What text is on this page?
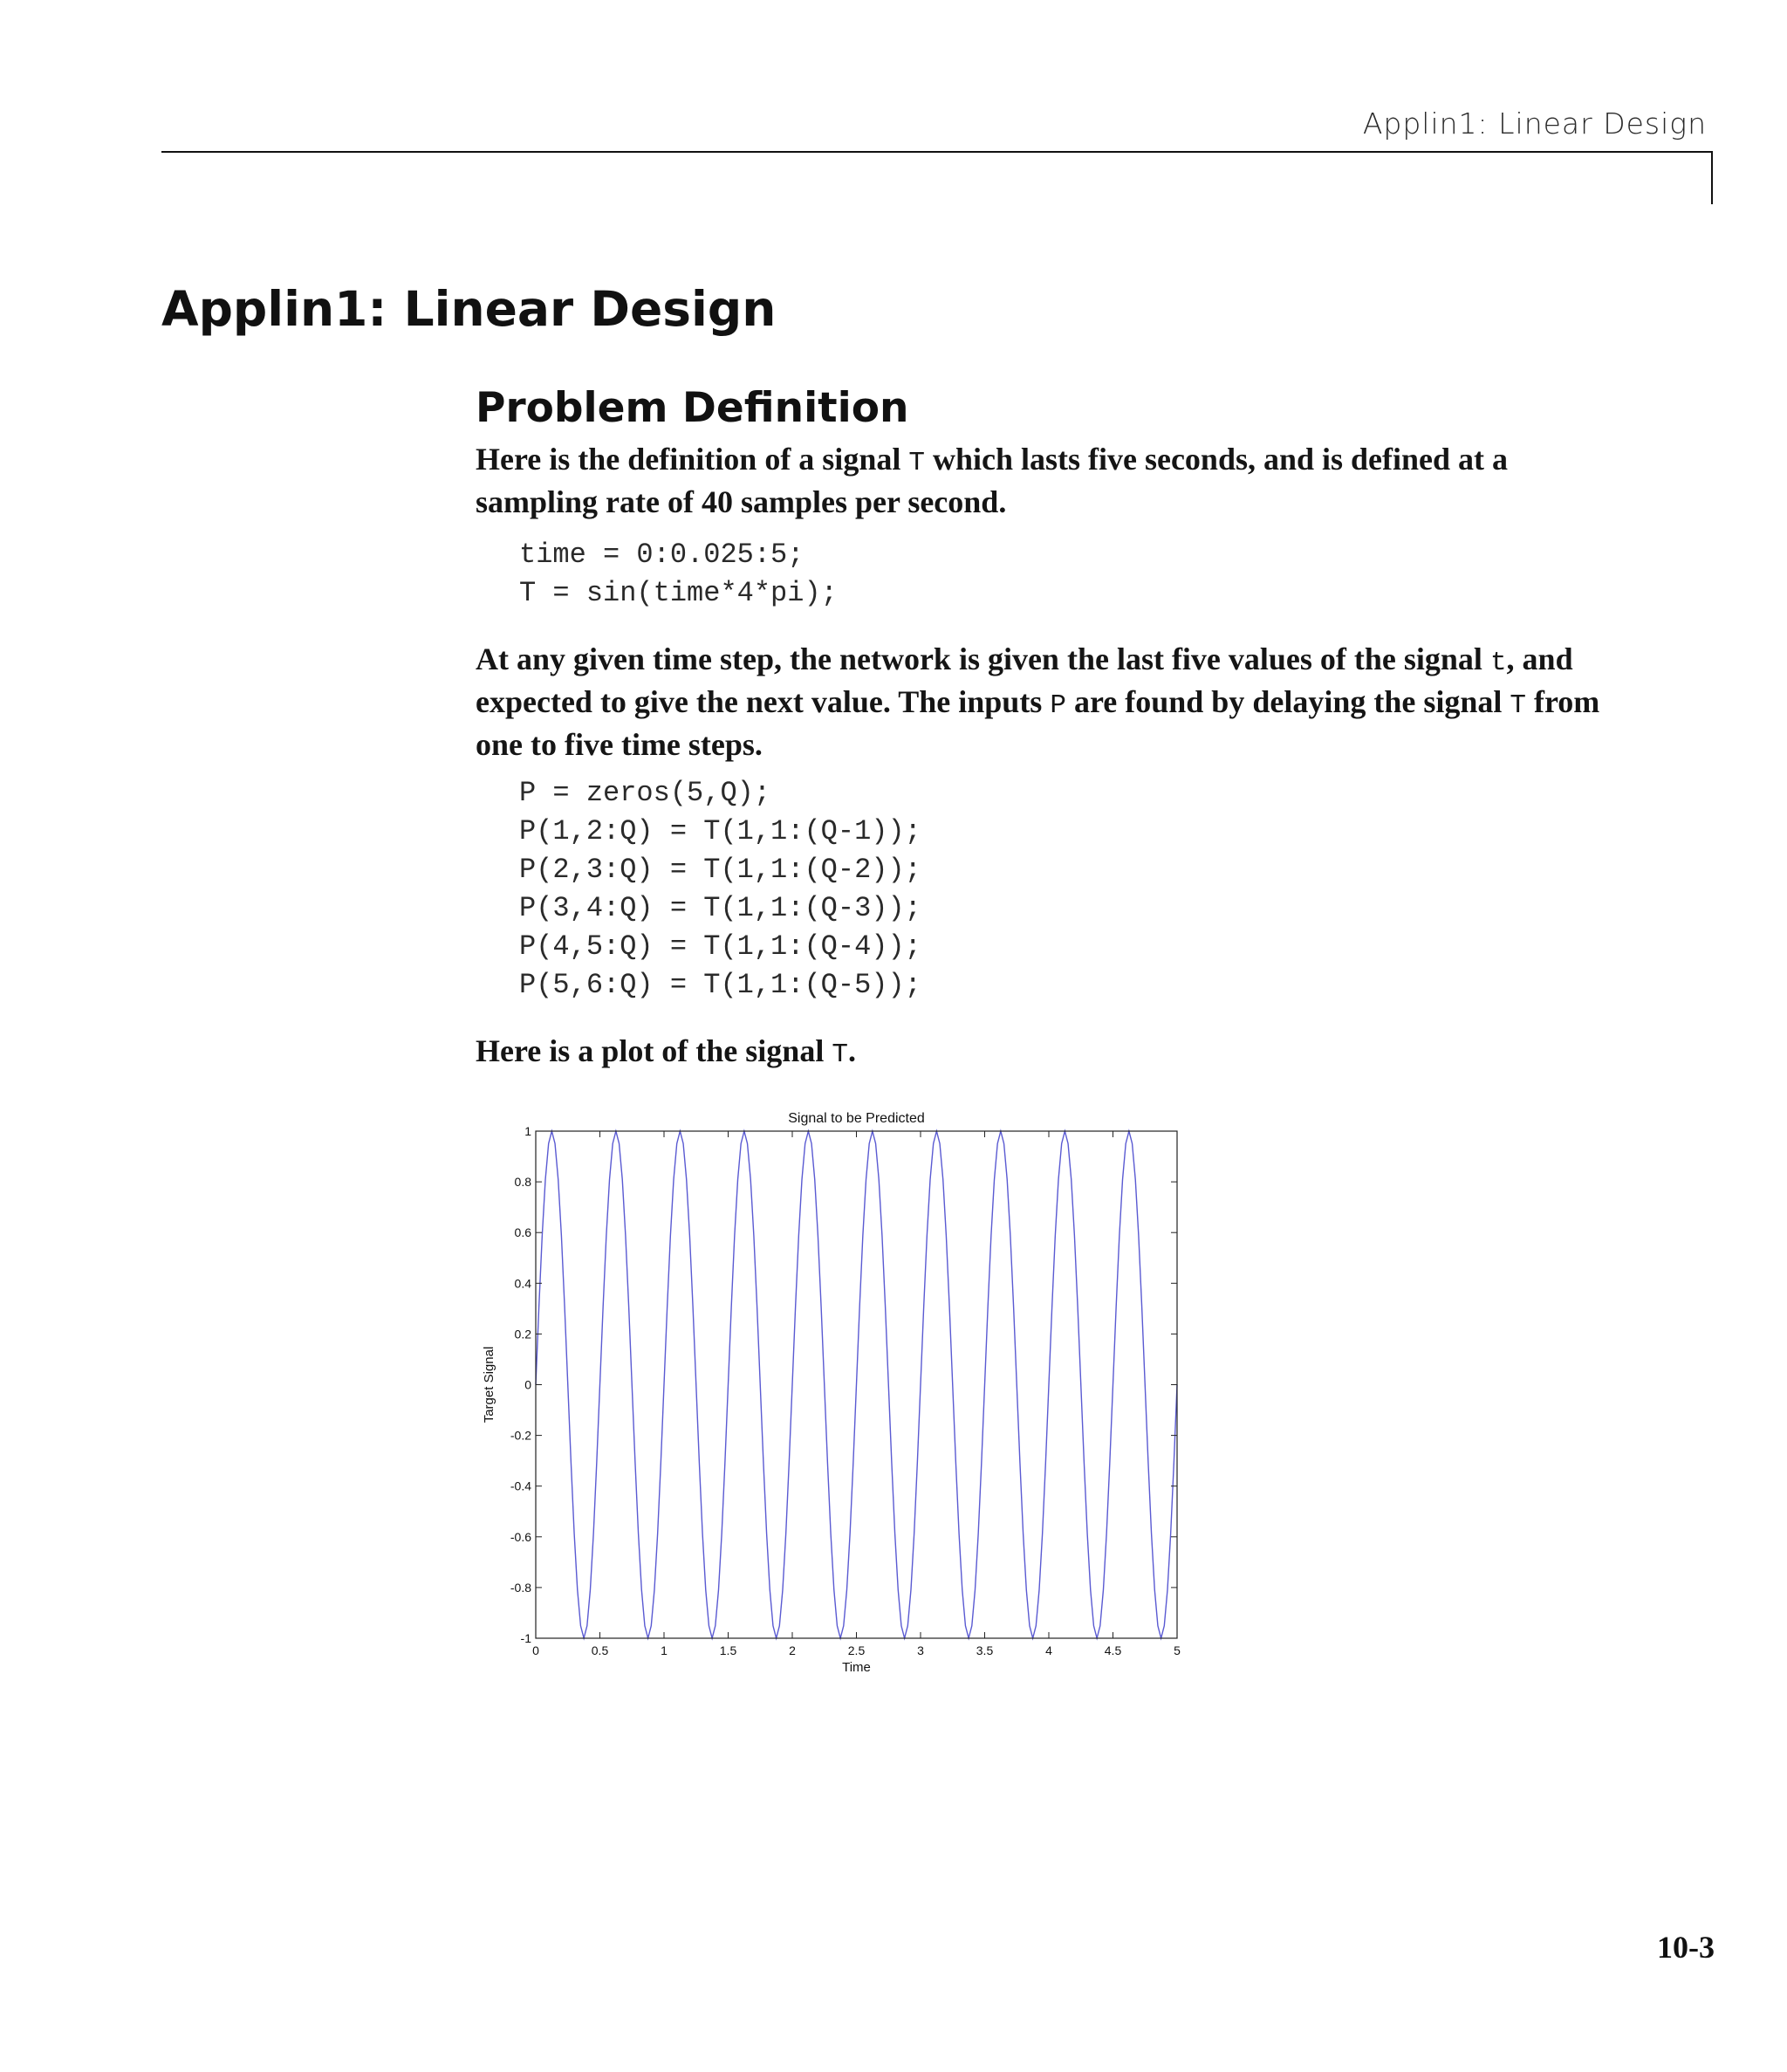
Applin1: Linear Design
Applin1: Linear Design
Problem Definition

Here is the definition of a signal T which lasts five seconds, and is defined at a sampling rate of 40 samples per second.

time = 0:0.025:5;
T = sin(time*4*pi);

At any given time step, the network is given the last five values of the signal t, and expected to give the next value. The inputs P are found by delaying the signal T from one to five time steps.

P = zeros(5,Q);
P(1,2:Q) = T(1,1:(Q-1));
P(2,3:Q) = T(1,1:(Q-2));
P(3,4:Q) = T(1,1:(Q-3));
P(4,5:Q) = T(1,1:(Q-4));
P(5,6:Q) = T(1,1:(Q-5));

Here is a plot of the signal T.

Signal to be Predicted
0	0.5	1	1.5	2	2.5	3	3.5	4	4.5	5
1
0.8
0.6
0.4
0.2
0
-0.2
-0.4
-0.6
-0.8
-1
Time
Target Signal
10-3
